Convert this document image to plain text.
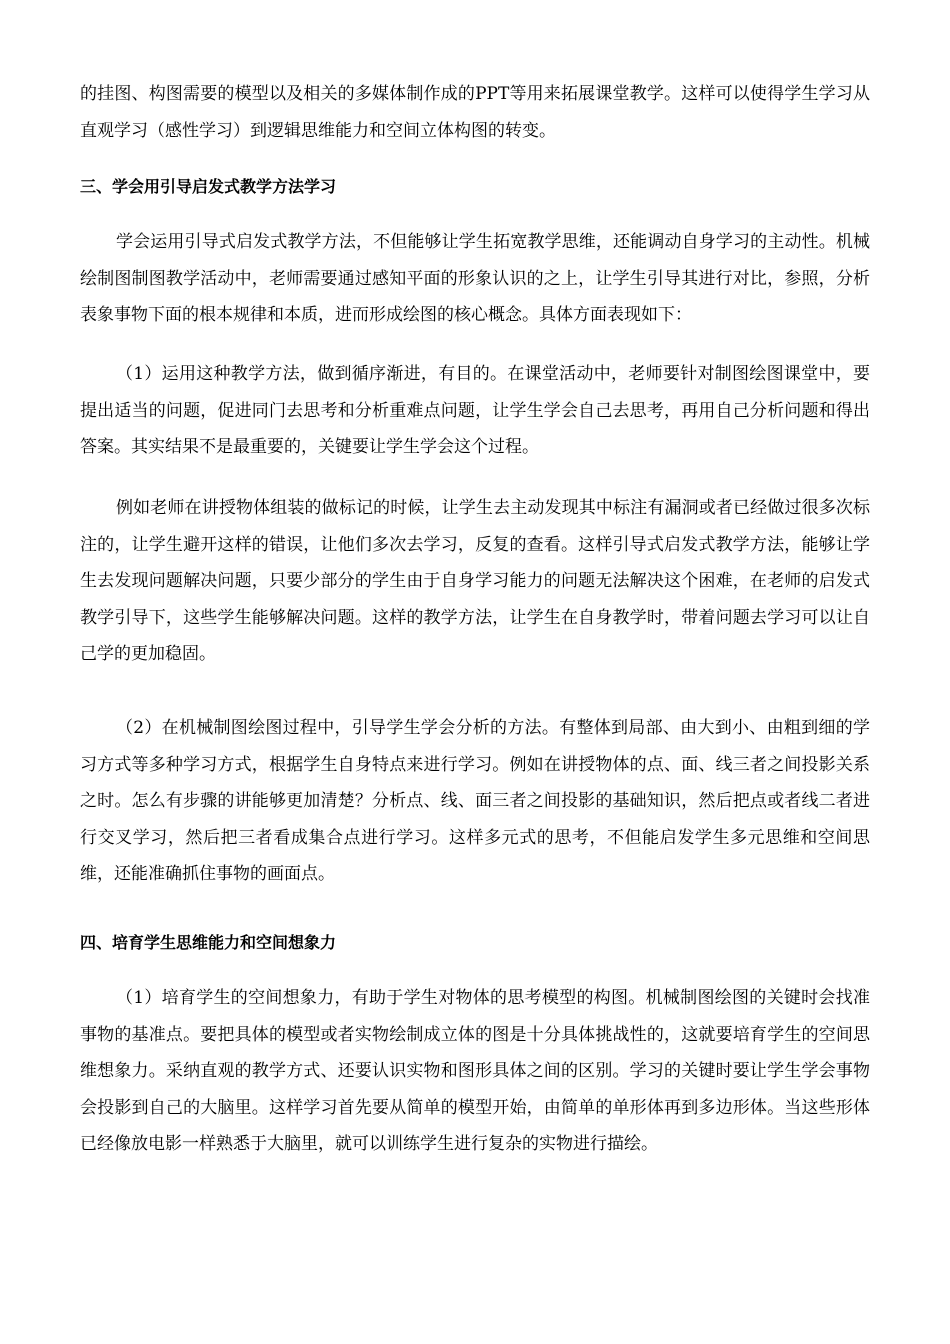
的挂图、构图需要的模型以及相关的多媒体制作成的PPT等用来拓展课堂教学。这样可以使得学生学习从直观学习（感性学习）到逻辑思维能力和空间立体构图的转变。

三、学会用引导启发式教学方法学习

学会运用引导式启发式教学方法，不但能够让学生拓宽教学思维，还能调动自身学习的主动性。机械绘制图制图教学活动中，老师需要通过感知平面的形象认识的之上，让学生引导其进行对比，参照，分析表象事物下面的根本规律和本质，进而形成绘图的核心概念。具体方面表现如下：

（1）运用这种教学方法，做到循序渐进，有目的。在课堂活动中，老师要针对制图绘图课堂中，要提出适当的问题，促进同门去思考和分析重难点问题，让学生学会自己去思考，再用自己分析问题和得出答案。其实结果不是最重要的，关键要让学生学会这个过程。

例如老师在讲授物体组装的做标记的时候，让学生去主动发现其中标注有漏洞或者已经做过很多次标注的，让学生避开这样的错误，让他们多次去学习，反复的查看。这样引导式启发式教学方法，能够让学生去发现问题解决问题，只要少部分的学生由于自身学习能力的问题无法解决这个困难，在老师的启发式教学引导下，这些学生能够解决问题。这样的教学方法，让学生在自身教学时，带着问题去学习可以让自己学的更加稳固。

（2）在机械制图绘图过程中，引导学生学会分析的方法。有整体到局部、由大到小、由粗到细的学习方式等多种学习方式，根据学生自身特点来进行学习。例如在讲授物体的点、面、线三者之间投影关系之时。怎么有步骤的讲能够更加清楚？分析点、线、面三者之间投影的基础知识，然后把点或者线二者进行交叉学习，然后把三者看成集合点进行学习。这样多元式的思考，不但能启发学生多元思维和空间思维，还能准确抓住事物的画面点。

四、培育学生思维能力和空间想象力

（1）培育学生的空间想象力，有助于学生对物体的思考模型的构图。机械制图绘图的关键时会找准事物的基准点。要把具体的模型或者实物绘制成立体的图是十分具体挑战性的，这就要培育学生的空间思维想象力。采纳直观的教学方式、还要认识实物和图形具体之间的区别。学习的关键时要让学生学会事物会投影到自己的大脑里。这样学习首先要从简单的模型开始，由简单的单形体再到多边形体。当这些形体已经像放电影一样熟悉于大脑里，就可以训练学生进行复杂的实物进行描绘。
